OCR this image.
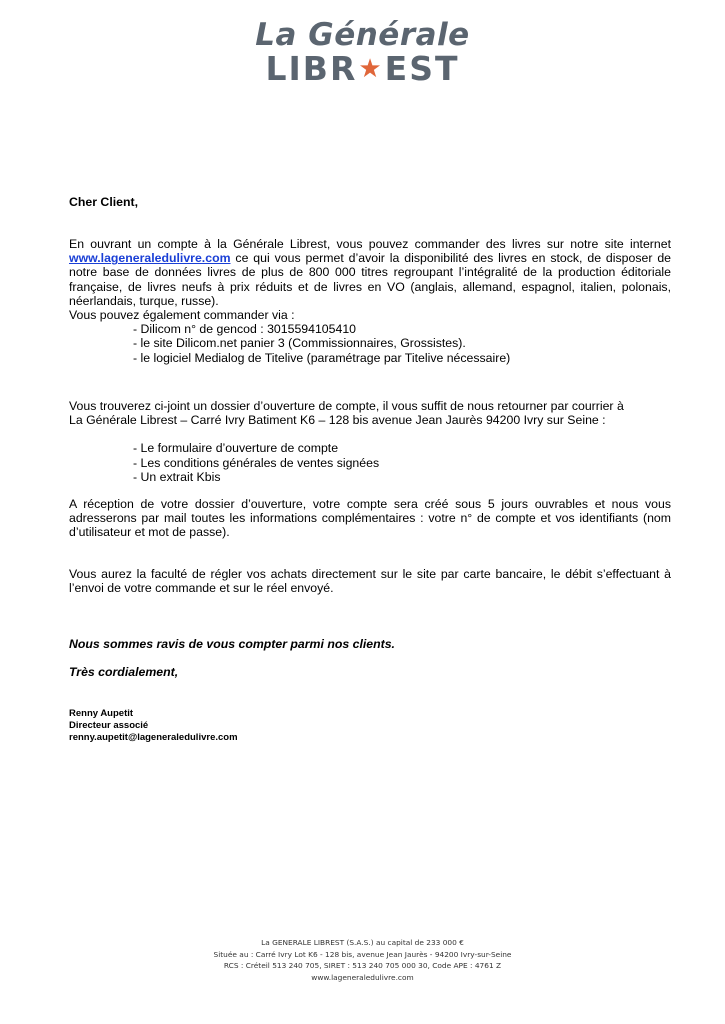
La Générale
LIBR★EST
Cher Client,

En ouvrant un compte à la Générale Librest, vous pouvez commander des livres sur notre site internet www.lageneraledulivre.com ce qui vous permet d’avoir la disponibilité des livres en stock, de disposer de notre base de données livres de plus de 800 000 titres regroupant l’intégralité de la production éditoriale française, de livres neufs à prix réduits et de livres en VO (anglais, allemand, espagnol, italien, polonais, néerlandais, turque, russe).

Vous pouvez également commander via :

- Dilicom n° de gencod : 3015594105410
- le site Dilicom.net panier 3 (Commissionnaires, Grossistes).
- le logiciel Medialog de Titelive (paramétrage par Titelive nécessaire)
Vous trouverez ci-joint un dossier d’ouverture de compte, il vous suffit de nous retourner par courrier à
La Générale Librest – Carré Ivry Batiment K6 – 128 bis avenue Jean Jaurès 94200 Ivry sur Seine :
- Le formulaire d’ouverture de compte
- Les conditions générales de ventes signées
- Un extrait Kbis
A réception de votre dossier d’ouverture, votre compte sera créé sous 5 jours ouvrables et nous vous adresserons par mail toutes les informations complémentaires : votre n° de compte et vos identifiants (nom d’utilisateur et mot de passe).
Vous aurez la faculté de régler vos achats directement sur le site par carte bancaire, le débit s’effectuant à l’envoi de votre commande et sur le réel envoyé.
Nous sommes ravis de vous compter parmi nos clients.
Très cordialement,
Renny Aupetit
Directeur associé
renny.aupetit@lageneraledulivre.com
La GENERALE LIBREST (S.A.S.) au capital de 233 000 €
Située au : Carré Ivry Lot K6 - 128 bis, avenue Jean Jaurès - 94200 Ivry-sur-Seine
RCS : Créteil 513 240 705, SIRET : 513 240 705 000 30, Code APE : 4761 Z
www.lageneraledulivre.com
